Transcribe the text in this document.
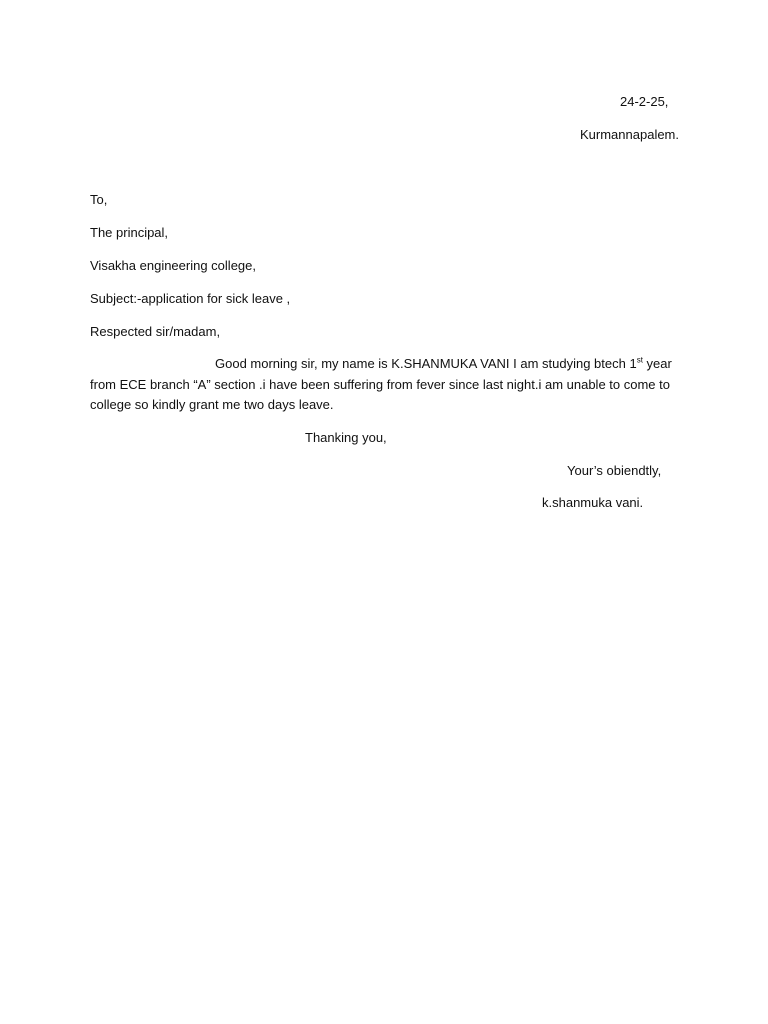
24-2-25,
Kurmannapalem.
To,
The principal,
Visakha engineering college,
Subject:-application for sick leave ,
Respected sir/madam,
Good morning sir, my name is K.SHANMUKA VANI I am studying btech 1st year from ECE branch “A” section .i have been suffering from fever since last night.i am unable to come to college so kindly grant me two days leave.
Thanking you,
Your’s obiendtly,
k.shanmuka vani.
